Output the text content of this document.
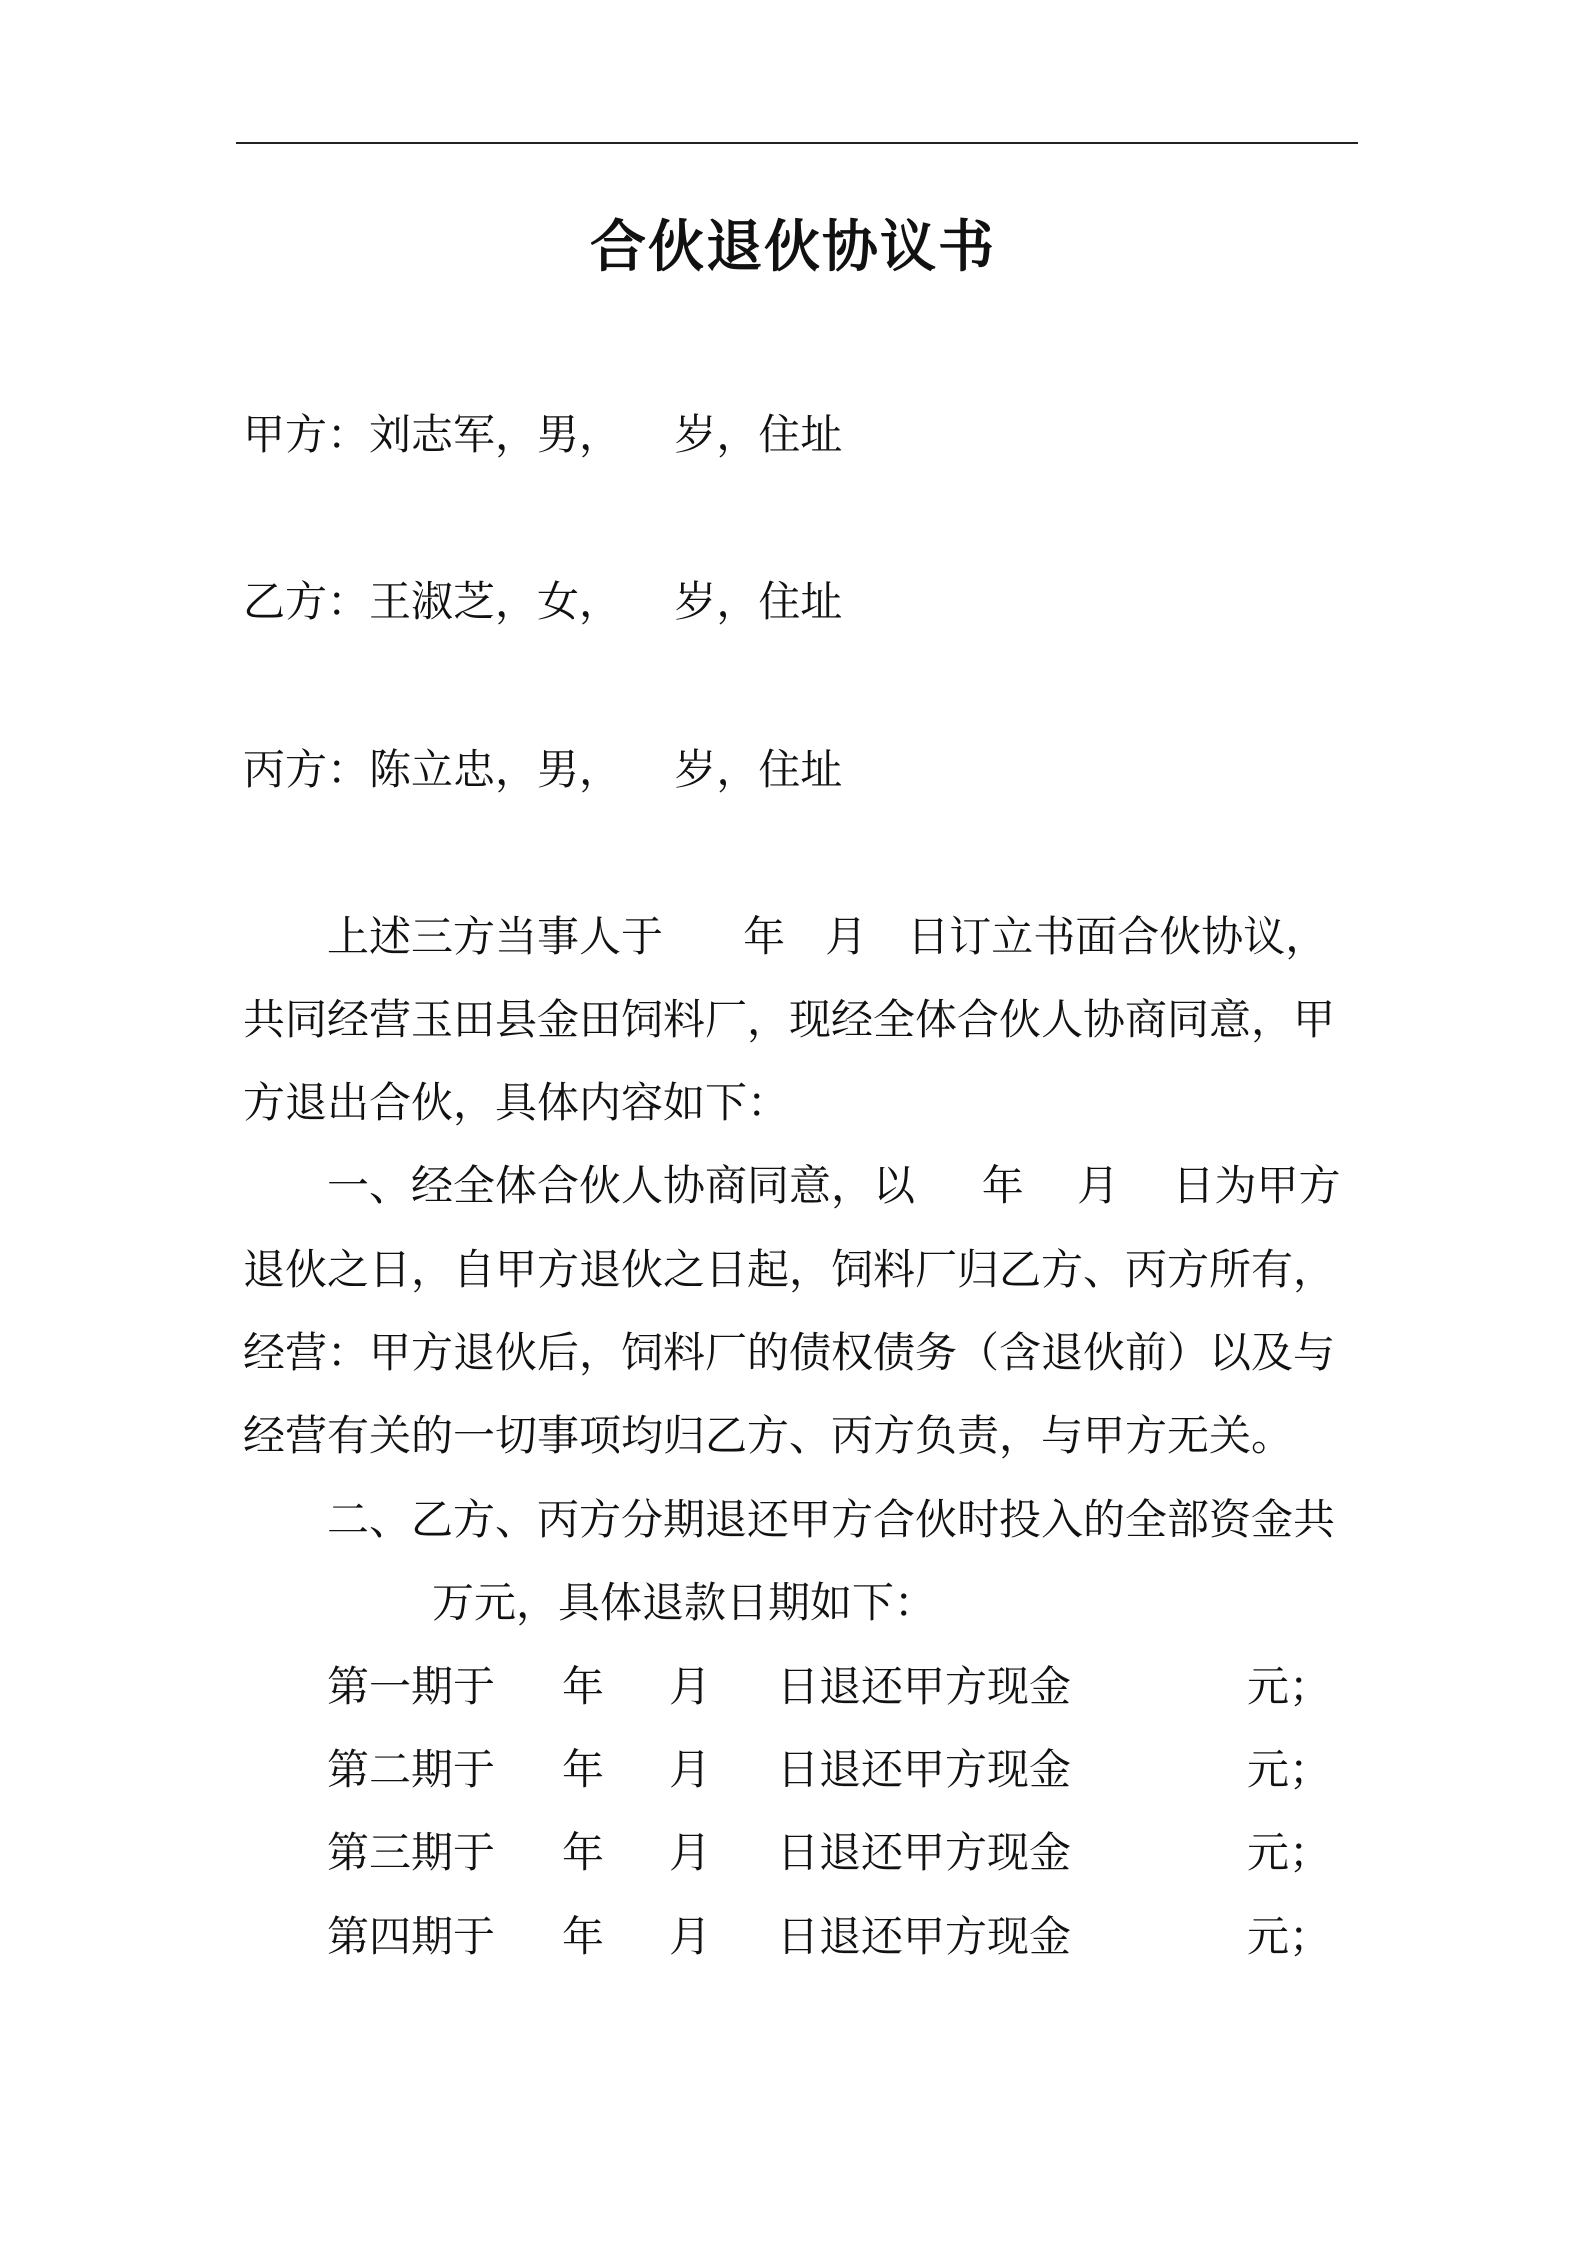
合伙退伙协议书
甲方：刘志军，男，    岁，住址
乙方：王淑芝，女，    岁，住址
丙方：陈立忠，男，    岁，住址
上述三方当事人于      年   月   日订立书面合伙协议，
共同经营玉田县金田饲料厂，现经全体合伙人协商同意，甲
方退出合伙，具体内容如下：
一、经全体合伙人协商同意，以     年    月    日为甲方
退伙之日，自甲方退伙之日起，饲料厂归乙方、丙方所有，
经营：甲方退伙后，饲料厂的债权债务（含退伙前）以及与
经营有关的一切事项均归乙方、丙方负责，与甲方无关。
二、乙方、丙方分期退还甲方合伙时投入的全部资金共
万元，具体退款日期如下：
第一期于 年 月 日退还甲方现金	元；
第二期于 年 月 日退还甲方现金	元；
第三期于 年 月 日退还甲方现金	元；
第四期于 年 月 日退还甲方现金	元；
